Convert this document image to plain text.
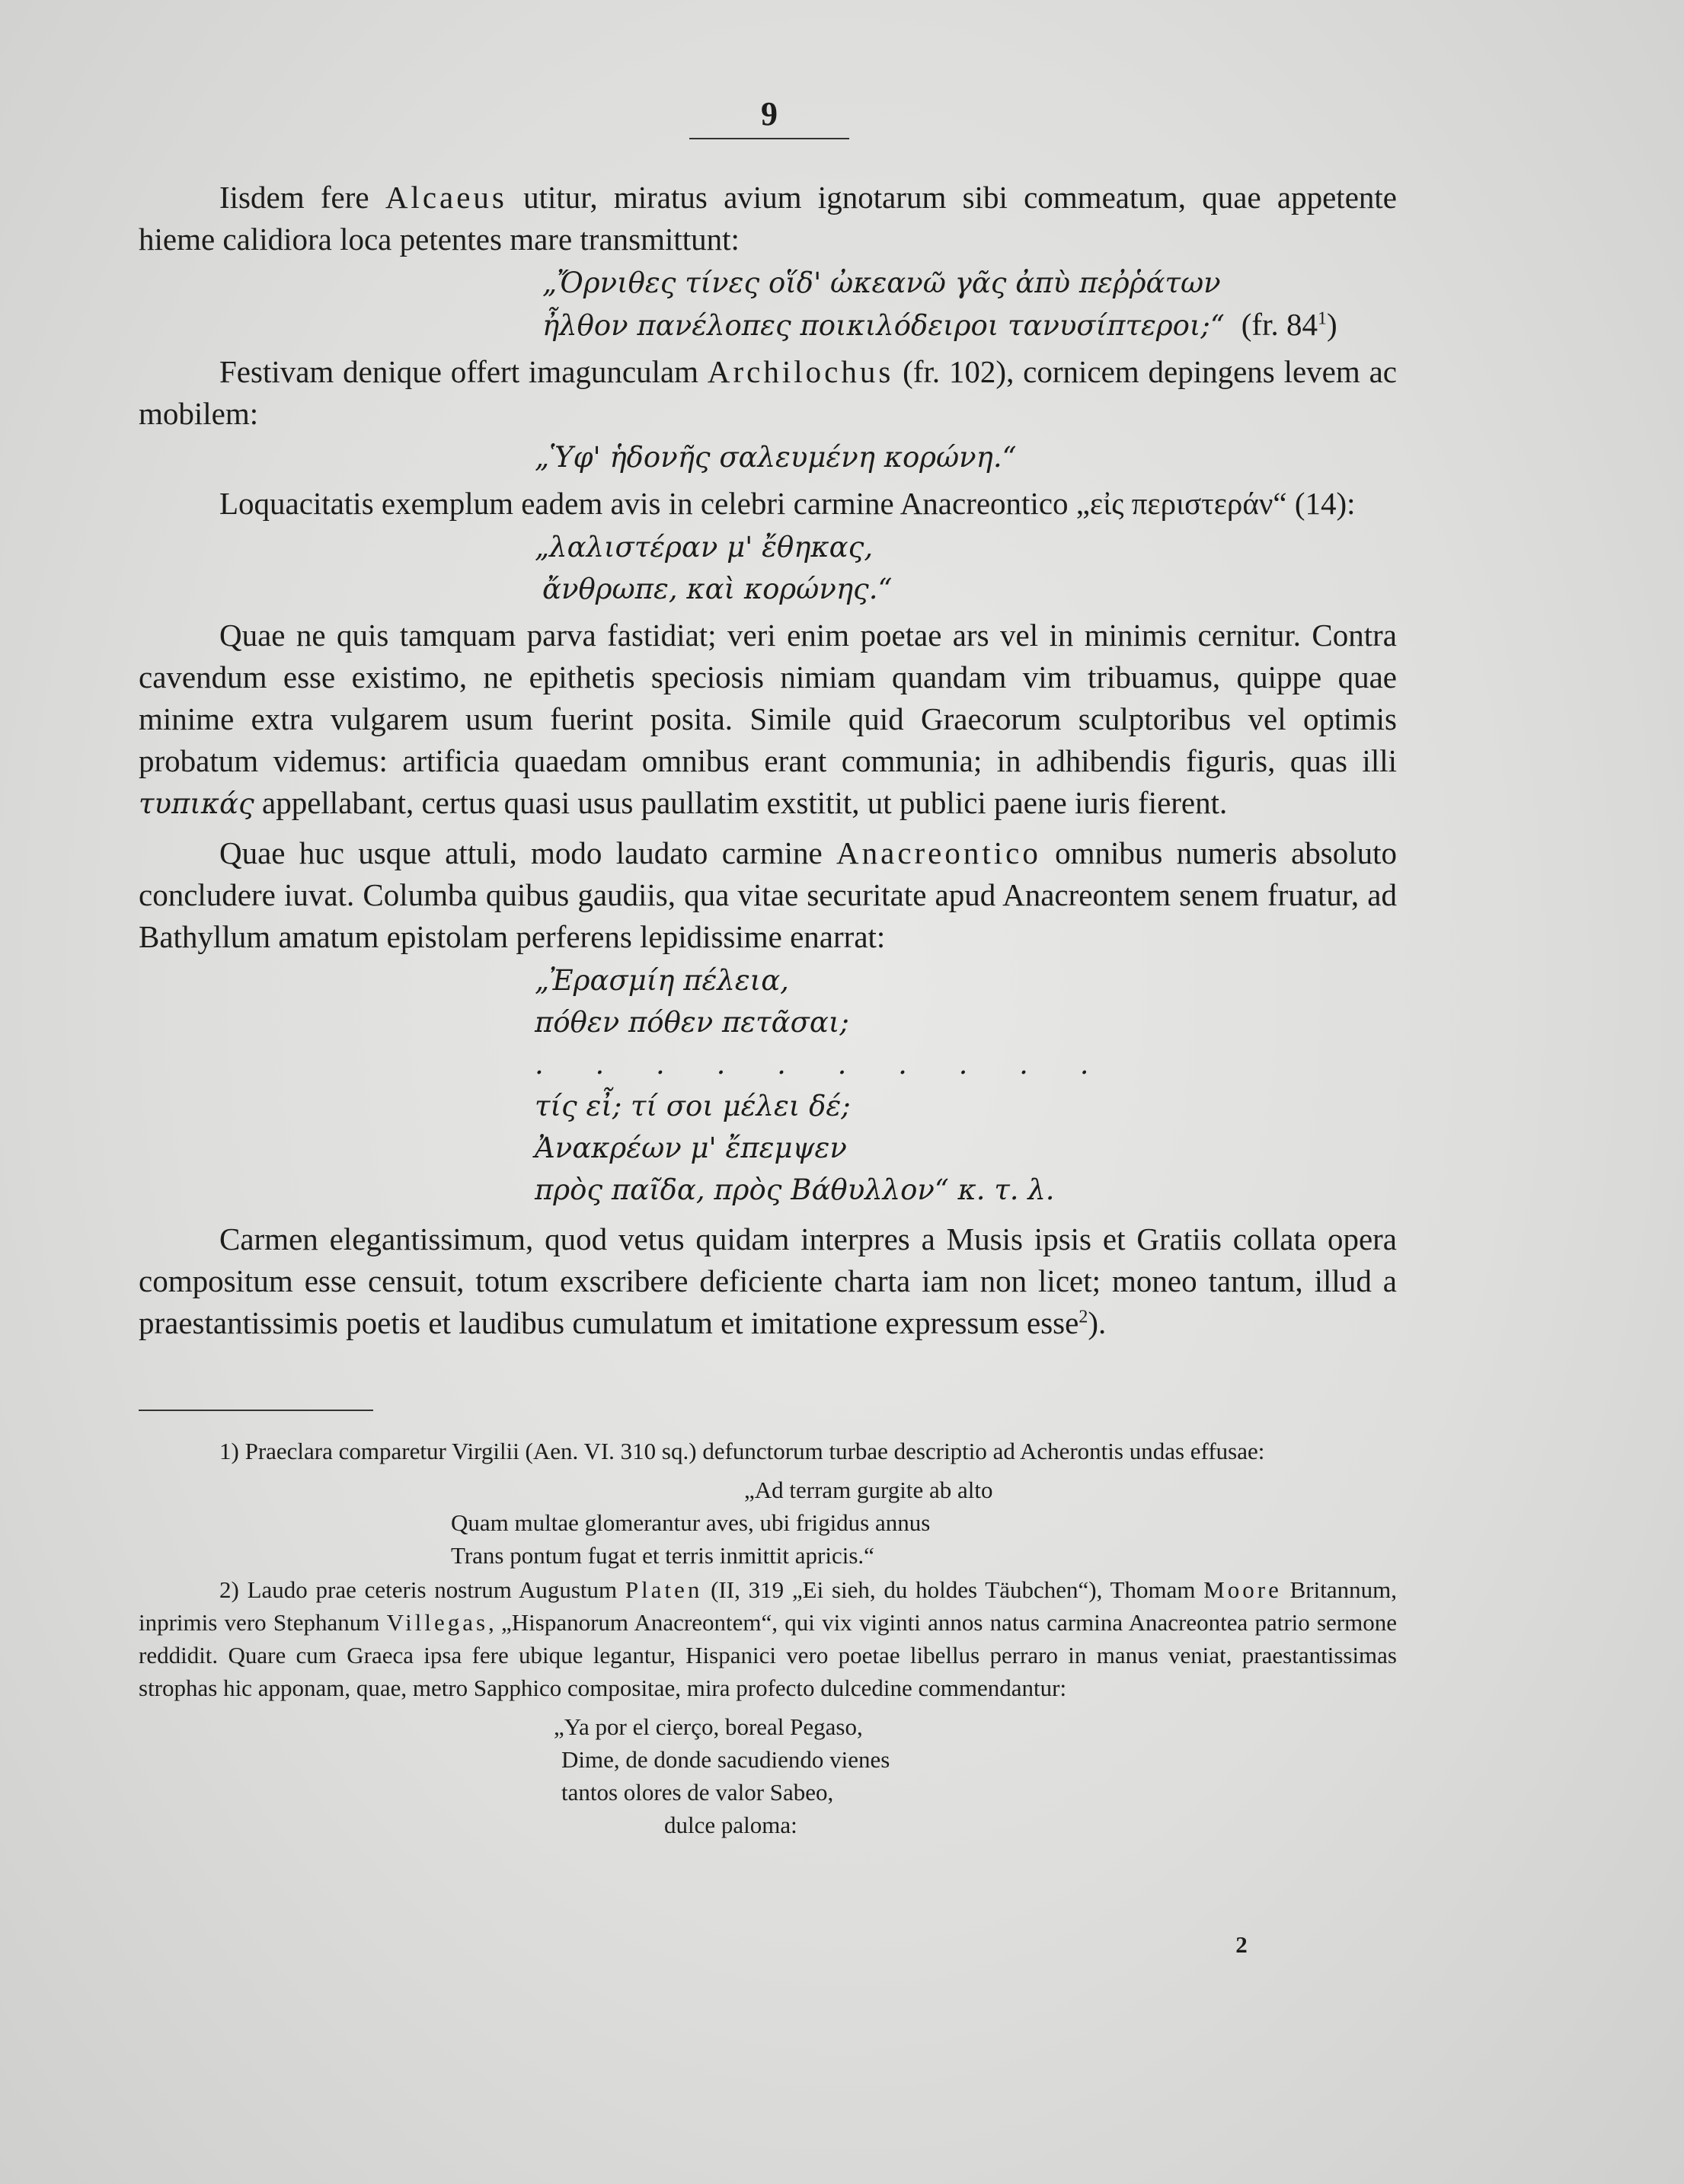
9

Iisdem fere Alcaeus utitur, miratus avium ignotarum sibi commeatum, quae appetente hieme calidiora loca petentes mare transmittunt:

„Ὄρνιθες τίνες οἵδ' ὠκεανῶ γᾶς ἀπὺ πεῤῥάτων
ἦλθον πανέλοπες ποικιλόδειροι τανυσίπτεροι;“ (fr. 84$^1$)

Festivam denique offert imagunculam Archilochus (fr. 102), cornicem depingens levem ac mobilem:

„Ὑφ' ἡδονῆς σαλευμένη κορώνη.“

Loquacitatis exemplum eadem avis in celebri carmine Anacreontico „εἰς περιστεράν“ (14):

„λαλιστέραν μ' ἔθηκας,
ἄνθρωπε, καὶ κορώνης.“

Quae ne quis tamquam parva fastidiat; veri enim poetae ars vel in minimis cernitur. Contra cavendum esse existimo, ne epithetis speciosis nimiam quandam vim tribuamus, quippe quae minime extra vulgarem usum fuerint posita. Simile quid Graecorum sculptoribus vel optimis probatum videmus: artificia quaedam omnibus erant communia; in adhibendis figuris, quas illi τυπικάς appellabant, certus quasi usus paullatim exstitit, ut publici paene iuris fierent.

Quae huc usque attuli, modo laudato carmine Anacreontico omnibus numeris absoluto concludere iuvat. Columba quibus gaudiis, qua vitae securitate apud Anacreontem senem fruatur, ad Bathyllum amatum epistolam perferens lepidissime enarrat:

„Ἐρασμίη πέλεια,
πόθεν πόθεν πετᾶσαι;
. . . . . . . . . .
τίς εἶ; τί σοι μέλει δέ;
Ἀνακρέων μ' ἔπεμψεν
πρὸς παῖδα, πρὸς Βάθυλλον“ κ. τ. λ.

Carmen elegantissimum, quod vetus quidam interpres a Musis ipsis et Gratiis collata opera compositum esse censuit, totum exscribere deficiente charta iam non licet; moneo tantum, illud a praestantissimis poetis et laudibus cumulatum et imitatione expressum esse$^2$).

1) Praeclara comparetur Virgilii (Aen. VI. 310 sq.) defunctorum turbae descriptio ad Acherontis undas effusae:

„Ad terram gurgite ab alto
Quam multae glomerantur aves, ubi frigidus annus
Trans pontum fugat et terris inmittit apricis.“

2) Laudo prae ceteris nostrum Augustum Platen (II, 319 „Ei sieh, du holdes Täubchen“), Thomam Moore Britannum, inprimis vero Stephanum Villegas, „Hispanorum Anacreontem“, qui vix viginti annos natus carmina Anacreontea patrio sermone reddidit. Quare cum Graeca ipsa fere ubique legantur, Hispanici vero poetae libellus perraro in manus veniat, praestantissimas strophas hic apponam, quae, metro Sapphico compositae, mira profecto dulcedine commendantur:

„Ya por el cierço, boreal Pegaso,
Dime, de donde sacudiendo vienes
tantos olores de valor Sabeo,
dulce paloma:
2
